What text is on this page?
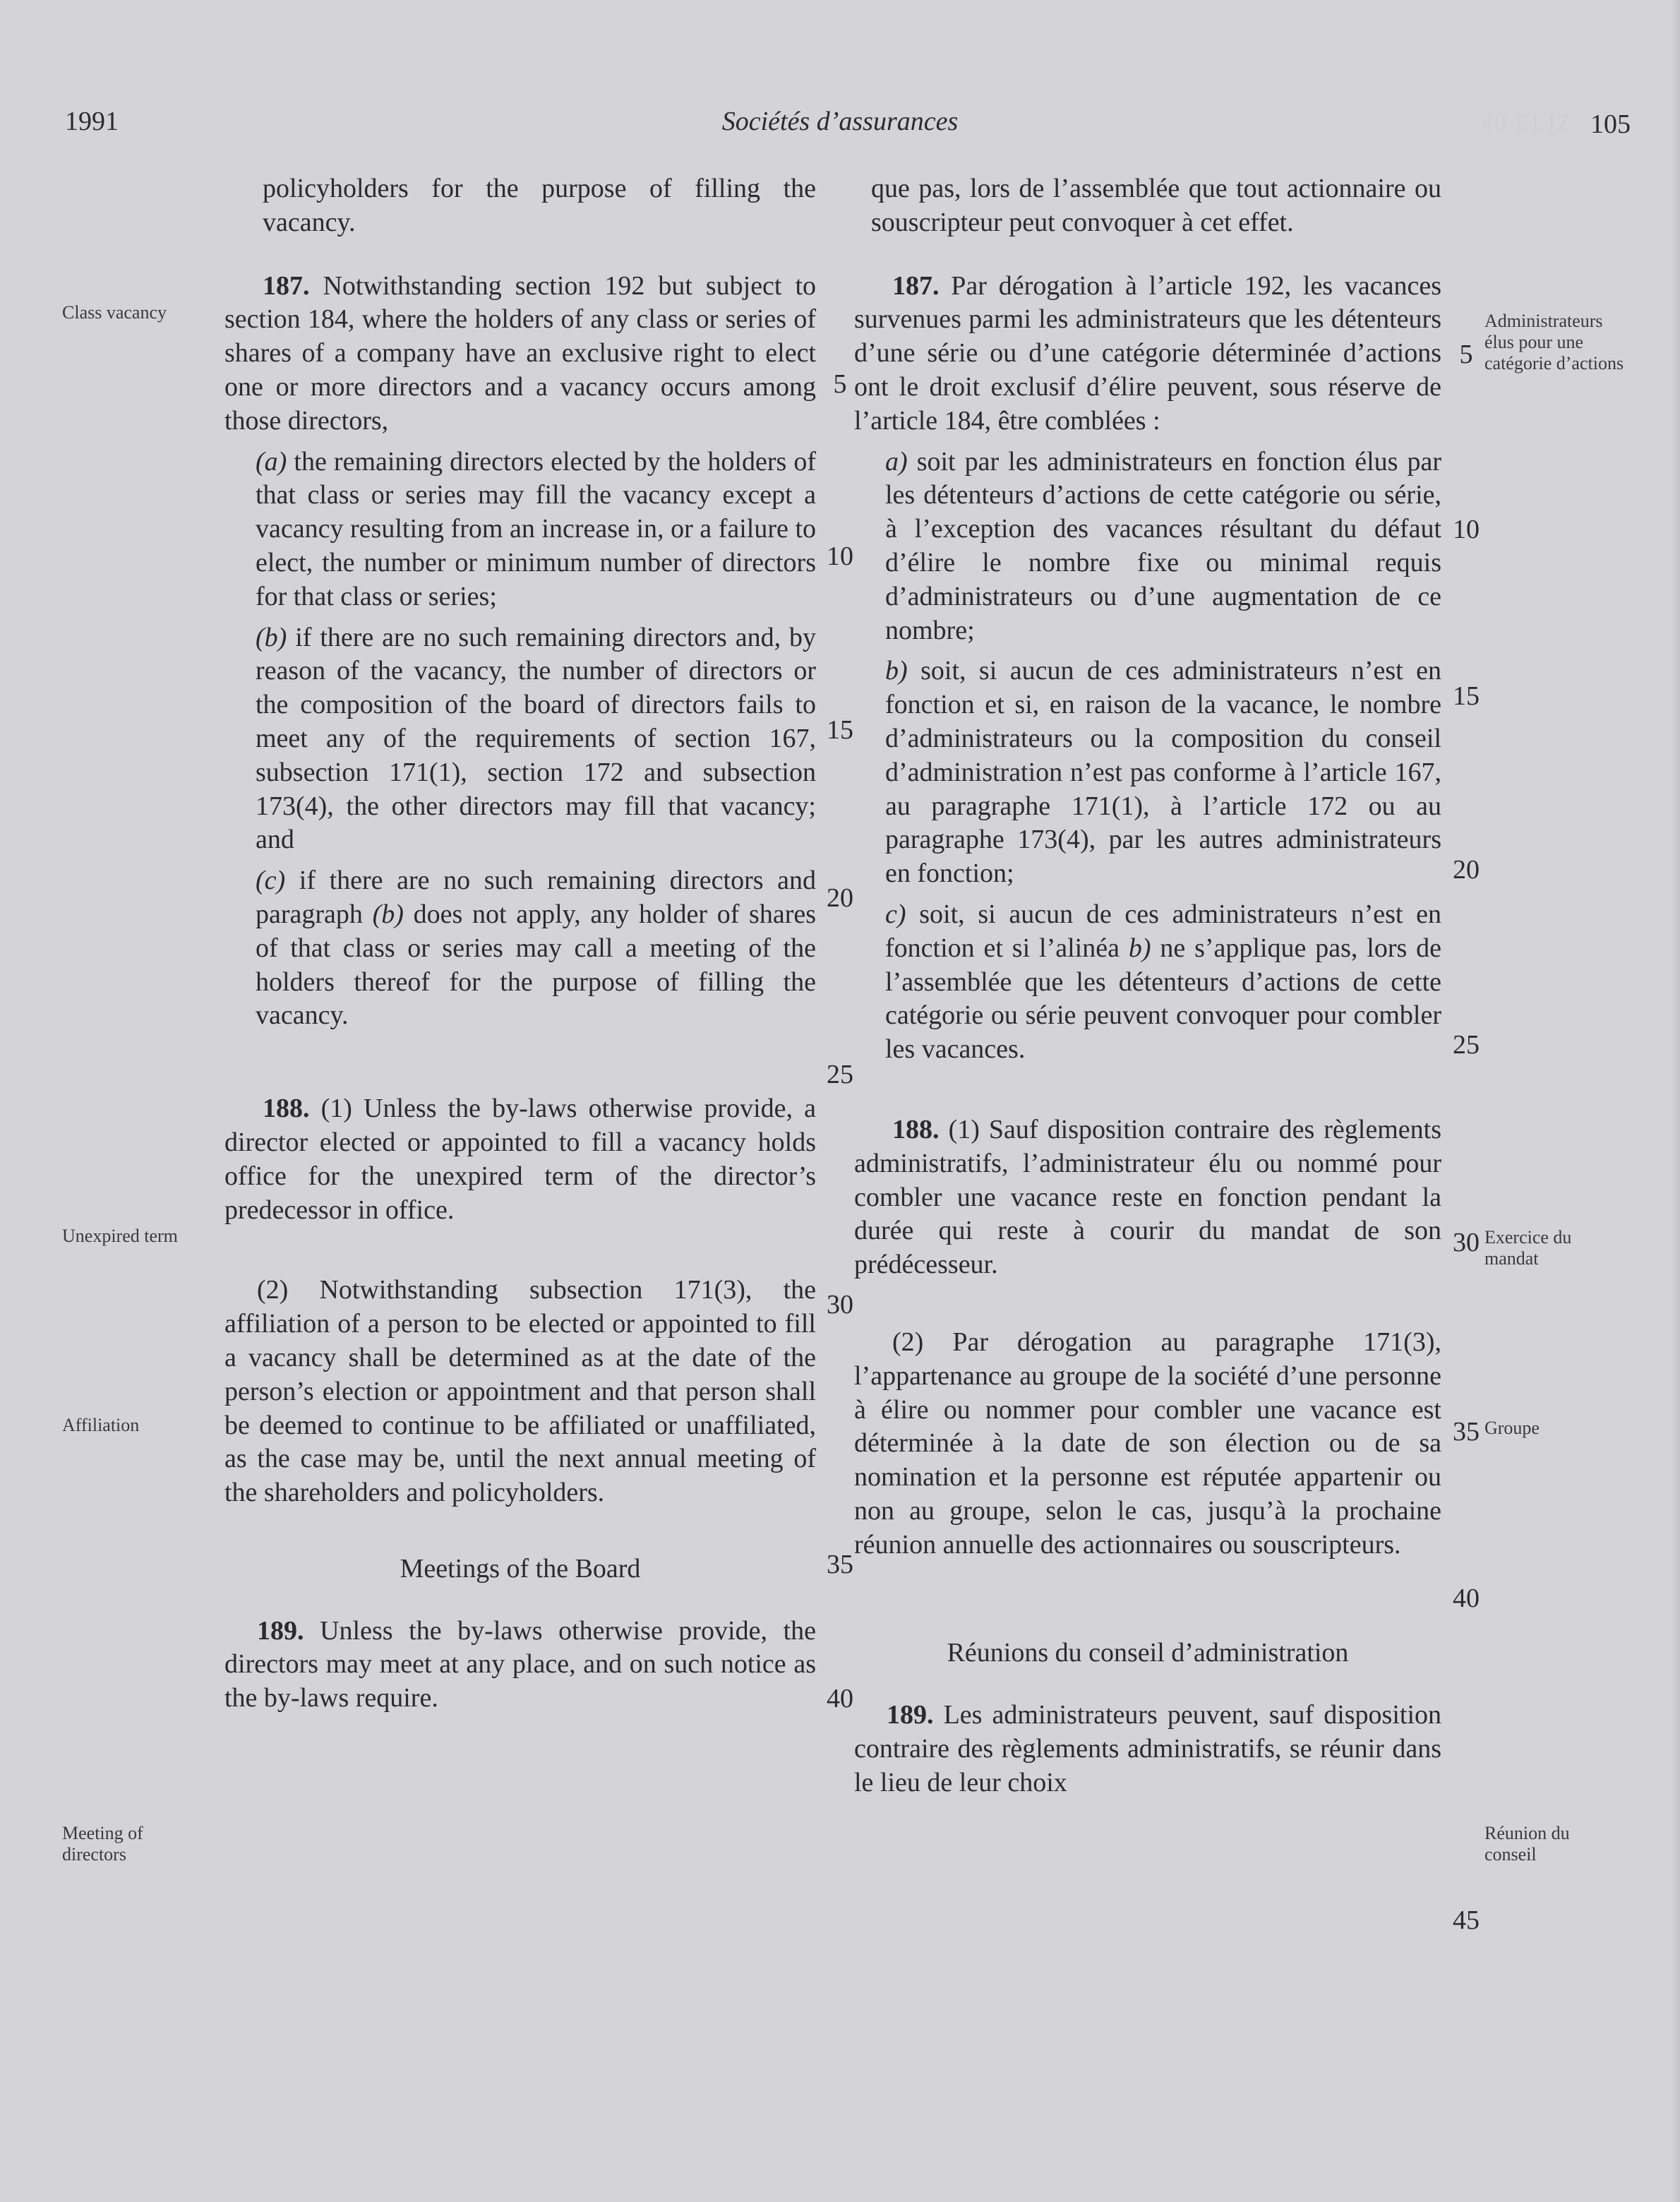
1991	Sociétés d’assurances	40 ELIZ 105

policyholders for the purpose of filling the vacancy.

187. Notwithstanding section 192 but subject to section 184, where the holders of any class or series of shares of a company have an exclusive right to elect one or more directors and a vacancy occurs among those directors,

(a) the remaining directors elected by the holders of that class or series may fill the vacancy except a vacancy resulting from an increase in, or a failure to elect, the number or minimum number of directors for that class or series;

(b) if there are no such remaining directors and, by reason of the vacancy, the number of directors or the composition of the board of directors fails to meet any of the requirements of section 167, subsection 171(1), section 172 and subsection 173(4), the other directors may fill that vacancy; and

(c) if there are no such remaining directors and paragraph (b) does not apply, any holder of shares of that class or series may call a meeting of the holders thereof for the purpose of filling the vacancy.

188. (1) Unless the by-laws otherwise provide, a director elected or appointed to fill a vacancy holds office for the unexpired term of the director’s predecessor in office.

(2) Notwithstanding subsection 171(3), the affiliation of a person to be elected or appointed to fill a vacancy shall be determined as at the date of the person’s election or appointment and that person shall be deemed to continue to be affiliated or unaffiliated, as the case may be, until the next annual meeting of the shareholders and policyholders.

Meetings of the Board

189. Unless the by-laws otherwise provide, the directors may meet at any place, and on such notice as the by-laws require.

que pas, lors de l’assemblée que tout actionnaire ou souscripteur peut convoquer à cet effet.

187. Par dérogation à l’article 192, les vacances survenues parmi les administrateurs que les détenteurs d’une série ou d’une catégorie déterminée d’actions ont le droit exclusif d’élire peuvent, sous réserve de l’article 184, être comblées :

a) soit par les administrateurs en fonction élus par les détenteurs d’actions de cette catégorie ou série, à l’exception des vacances résultant du défaut d’élire le nombre fixe ou minimal requis d’administrateurs ou d’une augmentation de ce nombre;

b) soit, si aucun de ces administrateurs n’est en fonction et si, en raison de la vacance, le nombre d’administrateurs ou la composition du conseil d’administration n’est pas conforme à l’article 167, au paragraphe 171(1), à l’article 172 ou au paragraphe 173(4), par les autres administrateurs en fonction;

c) soit, si aucun de ces administrateurs n’est en fonction et si l’alinéa b) ne s’applique pas, lors de l’assemblée que les détenteurs d’actions de cette catégorie ou série peuvent convoquer pour combler les vacances.

188. (1) Sauf disposition contraire des règlements administratifs, l’administrateur élu ou nommé pour combler une vacance reste en fonction pendant la durée qui reste à courir du mandat de son prédécesseur.

(2) Par dérogation au paragraphe 171(3), l’appartenance au groupe de la société d’une personne à élire ou nommer pour combler une vacance est déterminée à la date de son élection ou de sa nomination et la personne est réputée appartenir ou non au groupe, selon le cas, jusqu’à la prochaine réunion annuelle des actionnaires ou souscripteurs.

Réunions du conseil d’administration

189. Les administrateurs peuvent, sauf disposition contraire des règlements administratifs, se réunir dans le lieu de leur choix

Class vacancy
Unexpired term
Affiliation
Meeting of directors
Administrateurs élus pour une catégorie d’actions
Exercice du mandat
Groupe
Réunion du conseil
5
10
15
20
25
30
35
40
5
10
15
20
25
30
35
40
45
